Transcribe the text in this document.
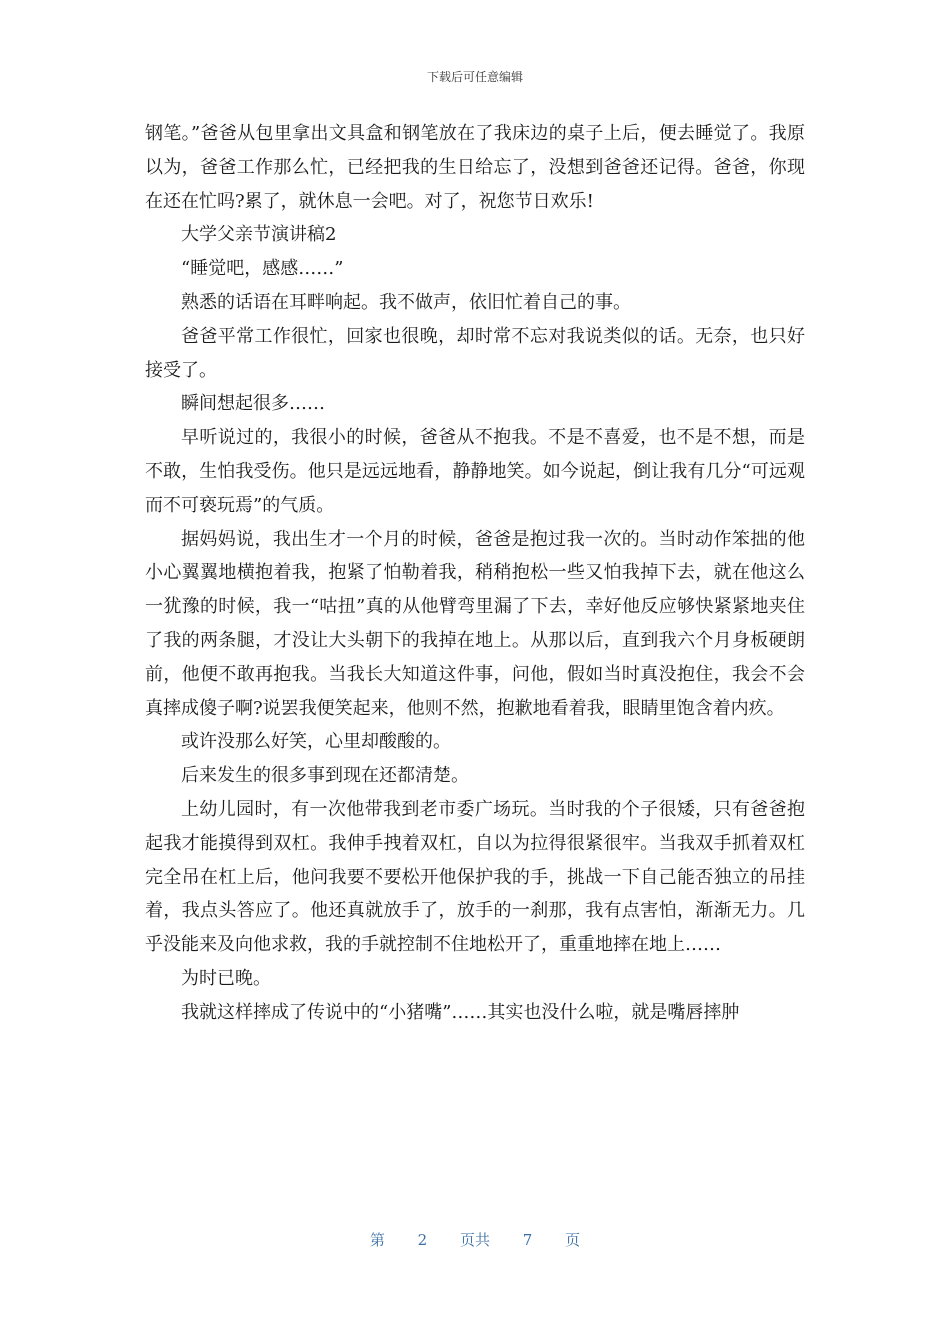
下载后可任意编辑

钢笔。”爸爸从包里拿出文具盒和钢笔放在了我床边的桌子上后，便去睡觉了。我原以为，爸爸工作那么忙，已经把我的生日给忘了，没想到爸爸还记得。爸爸，你现在还在忙吗?累了，就休息一会吧。对了，祝您节日欢乐!

大学父亲节演讲稿2

“睡觉吧，感感……”

熟悉的话语在耳畔响起。我不做声，依旧忙着自己的事。

爸爸平常工作很忙，回家也很晚，却时常不忘对我说类似的话。无奈，也只好接受了。

瞬间想起很多……

早听说过的，我很小的时候，爸爸从不抱我。不是不喜爱，也不是不想，而是不敢，生怕我受伤。他只是远远地看，静静地笑。如今说起，倒让我有几分“可远观而不可亵玩焉”的气质。

据妈妈说，我出生才一个月的时候，爸爸是抱过我一次的。当时动作笨拙的他小心翼翼地横抱着我，抱紧了怕勒着我，稍稍抱松一些又怕我掉下去，就在他这么一犹豫的时候，我一“咕扭”真的从他臂弯里漏了下去，幸好他反应够快紧紧地夹住了我的两条腿，才没让大头朝下的我掉在地上。从那以后，直到我六个月身板硬朗前，他便不敢再抱我。当我长大知道这件事，问他，假如当时真没抱住，我会不会真摔成傻子啊?说罢我便笑起来，他则不然，抱歉地看着我，眼睛里饱含着内疚。

或许没那么好笑，心里却酸酸的。

后来发生的很多事到现在还都清楚。

上幼儿园时，有一次他带我到老市委广场玩。当时我的个子很矮，只有爸爸抱起我才能摸得到双杠。我伸手拽着双杠，自以为拉得很紧很牢。当我双手抓着双杠完全吊在杠上后，他问我要不要松开他保护我的手，挑战一下自己能否独立的吊挂着，我点头答应了。他还真就放手了，放手的一刹那，我有点害怕，渐渐无力。几乎没能来及向他求救，我的手就控制不住地松开了，重重地摔在地上……

为时已晚。

我就这样摔成了传说中的“小猪嘴”……其实也没什么啦，就是嘴唇摔肿

第 2 页共 7 页
